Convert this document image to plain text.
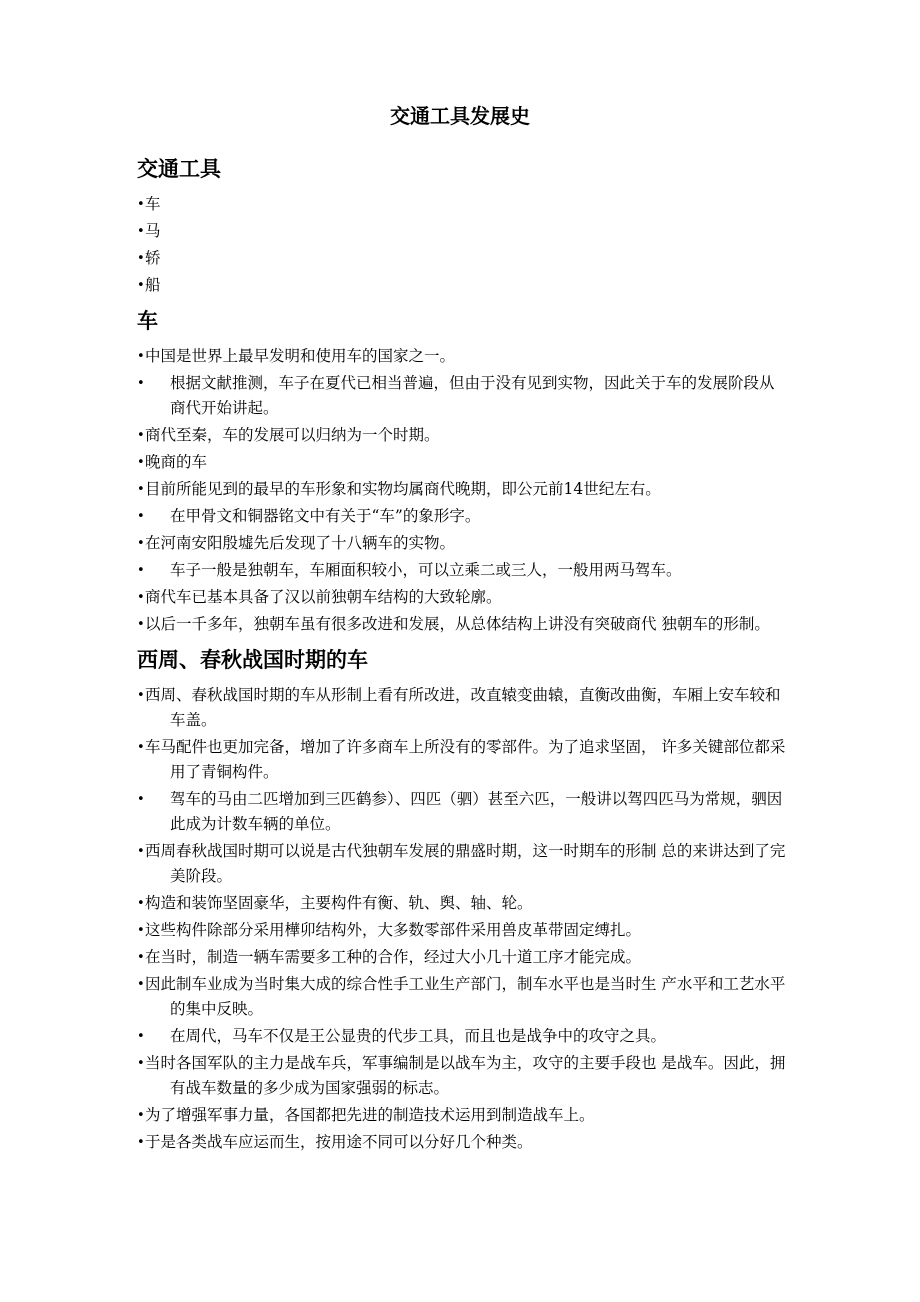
交通工具发展史
交通工具
•车
•马
•轿
•船
车
•中国是世界上最早发明和使用车的国家之一。
• 根据文献推测，车子在夏代已相当普遍，但由于没有见到实物，因此关于车的发展阶段从商代开始讲起。
•商代至秦，车的发展可以归纳为一个时期。
•晚商的车
•目前所能见到的最早的车形象和实物均属商代晚期，即公元前14世纪左右。
• 在甲骨文和铜器铭文中有关于“车”的象形字。
•在河南安阳殷墟先后发现了十八辆车的实物。
• 车子一般是独朝车，车厢面积较小，可以立乘二或三人，一般用两马驾车。
•商代车已基本具备了汉以前独朝车结构的大致轮廓。
•以后一千多年，独朝车虽有很多改进和发展，从总体结构上讲没有突破商代 独朝车的形制。
西周、春秋战国时期的车
•西周、春秋战国时期的车从形制上看有所改进，改直辕变曲辕，直衡改曲衡，车厢上安车较和车盖。
•车马配件也更加完备，增加了许多商车上所没有的零部件。为了追求坚固， 许多关键部位都采用了青铜构件。
• 驾车的马由二匹增加到三匹鹤参）、四匹（驷）甚至六匹，一般讲以驾四匹马为常规，驷因此成为计数车辆的单位。
•西周春秋战国时期可以说是古代独朝车发展的鼎盛时期，这一时期车的形制 总的来讲达到了完美阶段。
•构造和装饰坚固豪华，主要构件有衡、轨、舆、轴、轮。
•这些构件除部分采用樺卯结构外，大多数零部件采用兽皮革带固定缚扎。
•在当时，制造一辆车需要多工种的合作，经过大小几十道工序才能完成。
•因此制车业成为当时集大成的综合性手工业生产部门，制车水平也是当时生 产水平和工艺水平的集中反映。
• 在周代，马车不仅是王公显贵的代步工具，而且也是战争中的攻守之具。
•当时各国军队的主力是战车兵，军事编制是以战车为主，攻守的主要手段也 是战车。因此，拥有战车数量的多少成为国家强弱的标志。
•为了增强军事力量，各国都把先进的制造技术运用到制造战车上。
•于是各类战车应运而生，按用途不同可以分好几个种类。
